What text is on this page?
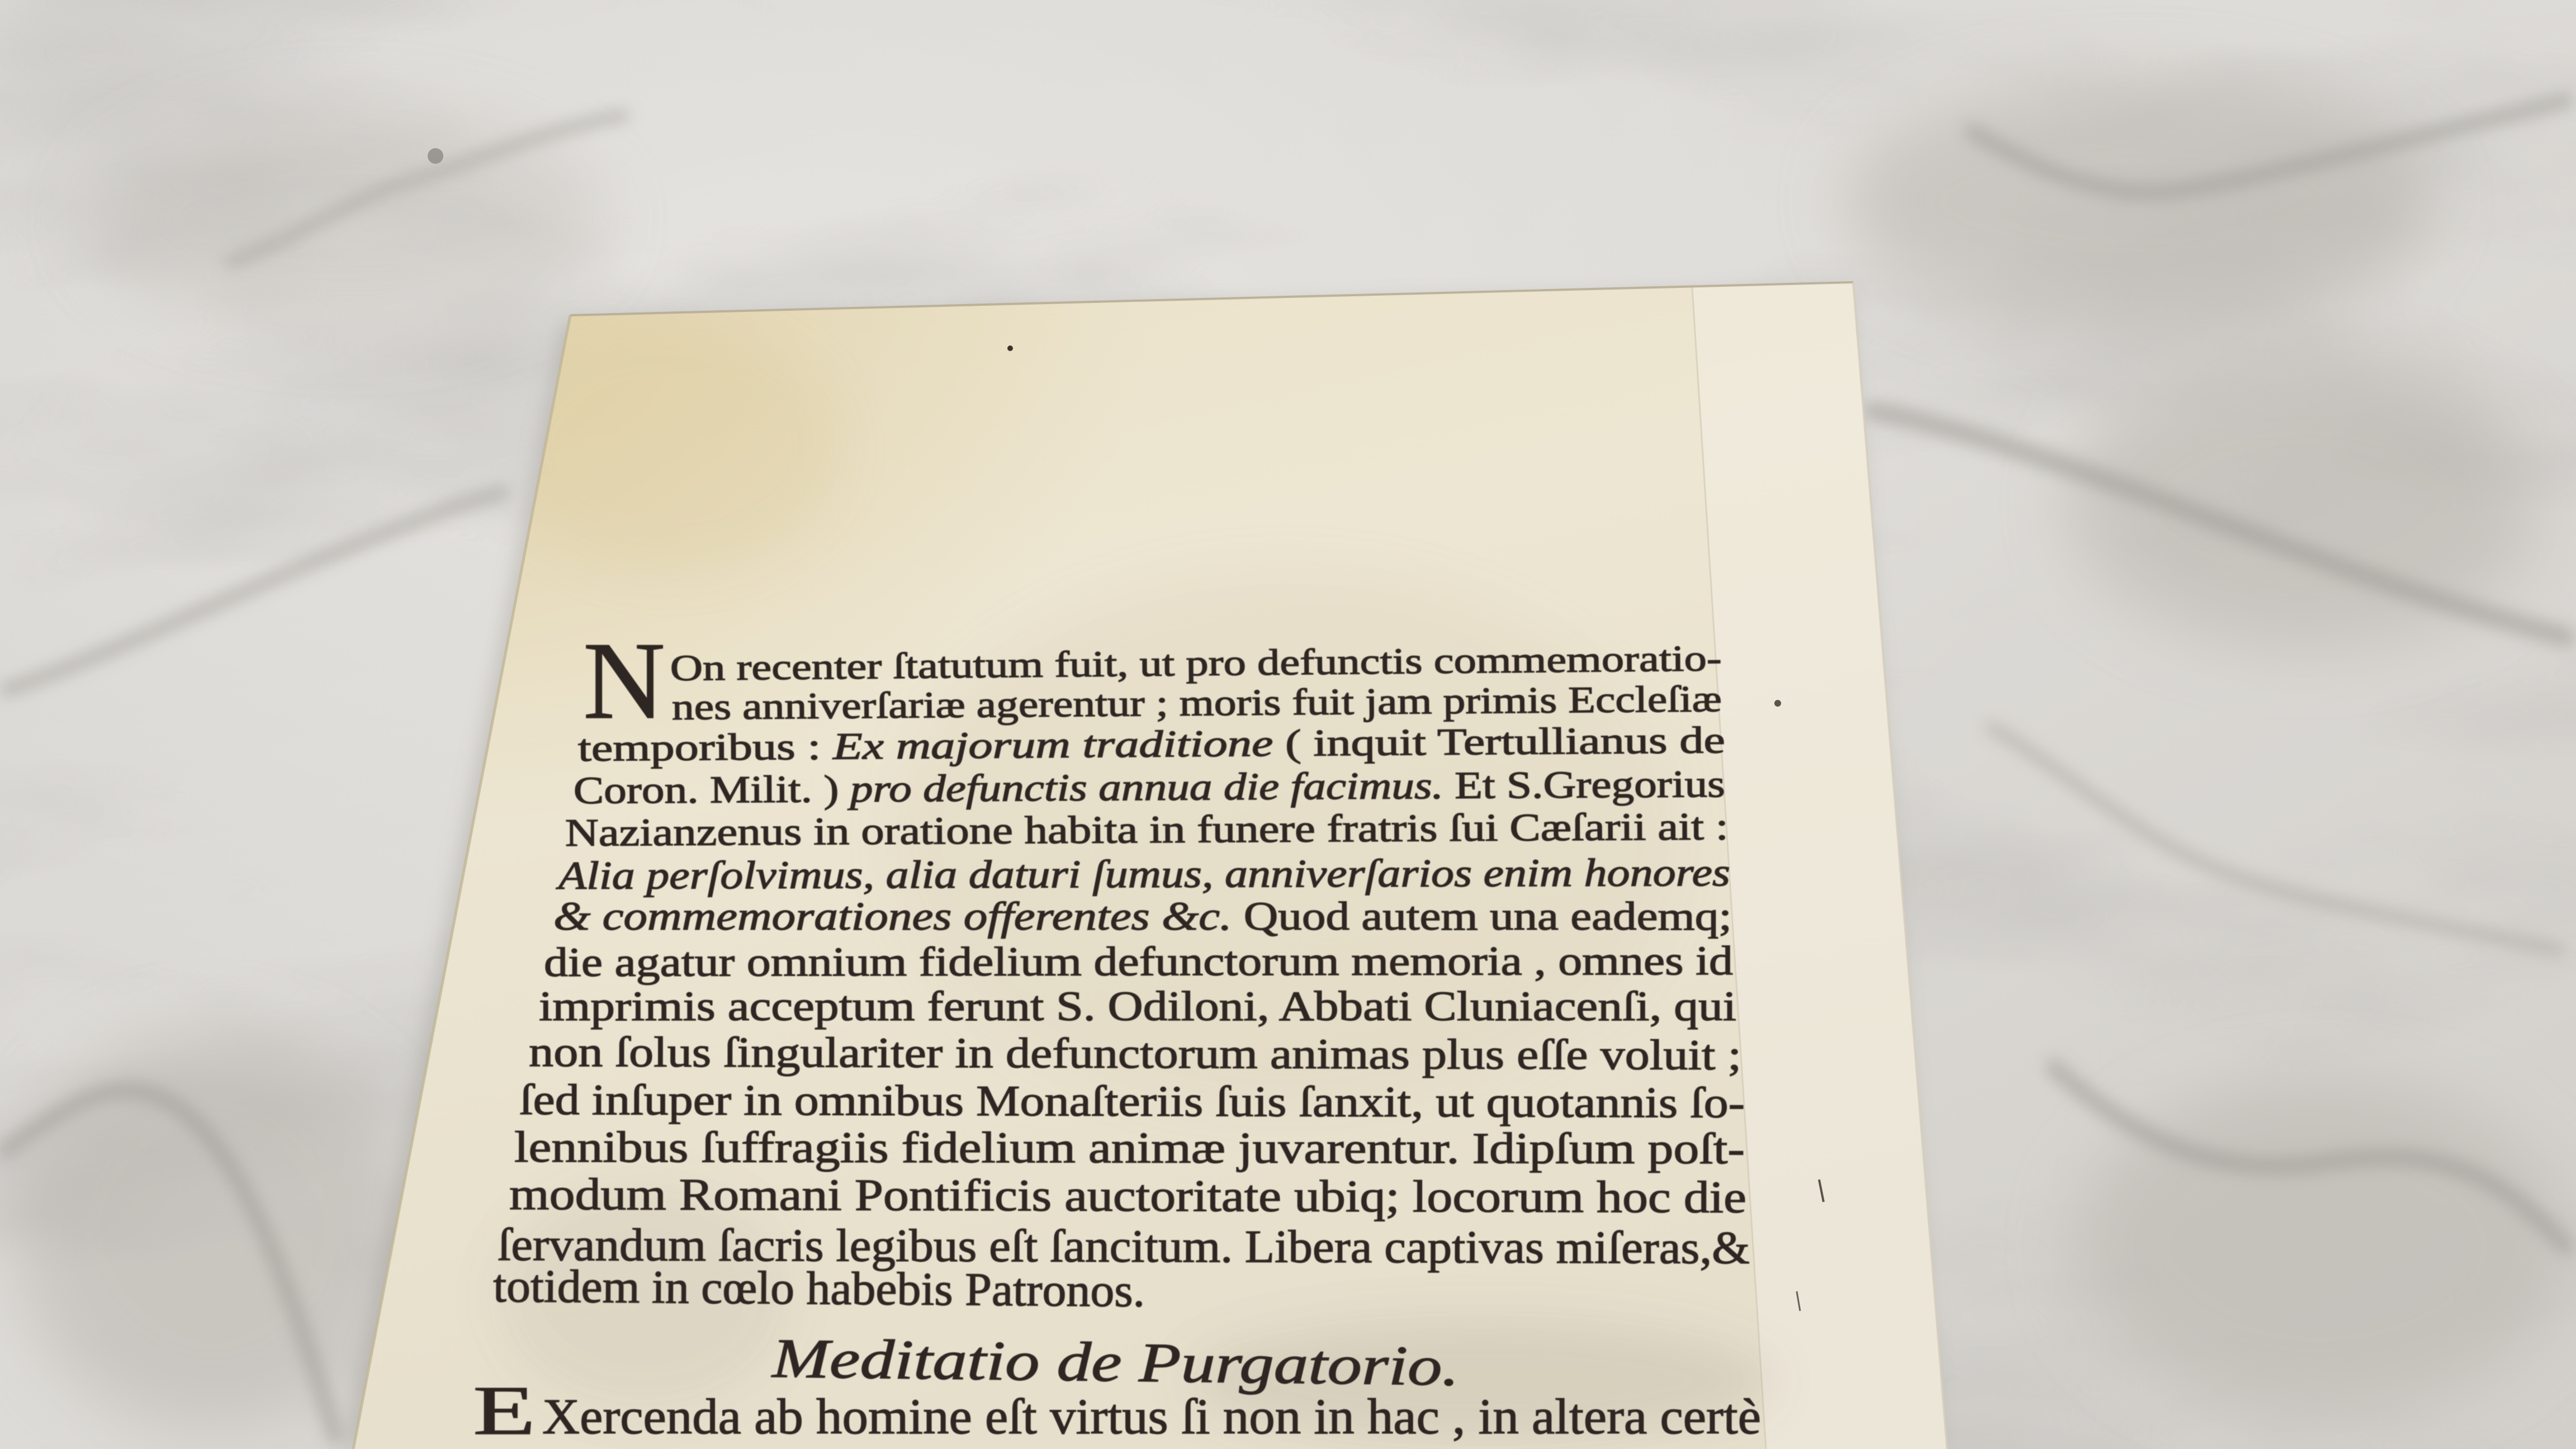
N On recenter ſtatutum fuit, ut pro defunctis commemoratio-
nes anniverſariæ agerentur ; moris fuit jam primis Eccleſiæ
temporibus : Ex majorum traditione	( inquit Tertullianus de
Coron. Milit. ) pro defunctis annua die facimus.	Et S.Gregorius
Nazianzenus in oratione habita in funere fratris ſui Cæſarii ait :
Alia perſolvimus, alia daturi ſumus, anniverſarios enim honores
& commemorationes offerentes &c.	Quod autem una eademq;
die agatur omnium fidelium defunctorum memoria , omnes id
imprimis acceptum ferunt S. Odiloni, Abbati Cluniacenſi, qui
non ſolus ſingulariter in defunctorum animas plus eſſe voluit ;
ſed inſuper in omnibus Monaſteriis ſuis ſanxit, ut quotannis ſo-
lennibus ſuffragiis fidelium animæ juvarentur. Idipſum poſt-
modum Romani Pontificis auctoritate ubiq; locorum hoc die
ſervandum ſacris legibus eſt ſancitum. Libera captivas miſeras,&
totidem in cœlo habebis Patronos.
Meditatio de Purgatorio.
E Xercenda ab homine eſt virtus ſi non in hac , in altera certè
